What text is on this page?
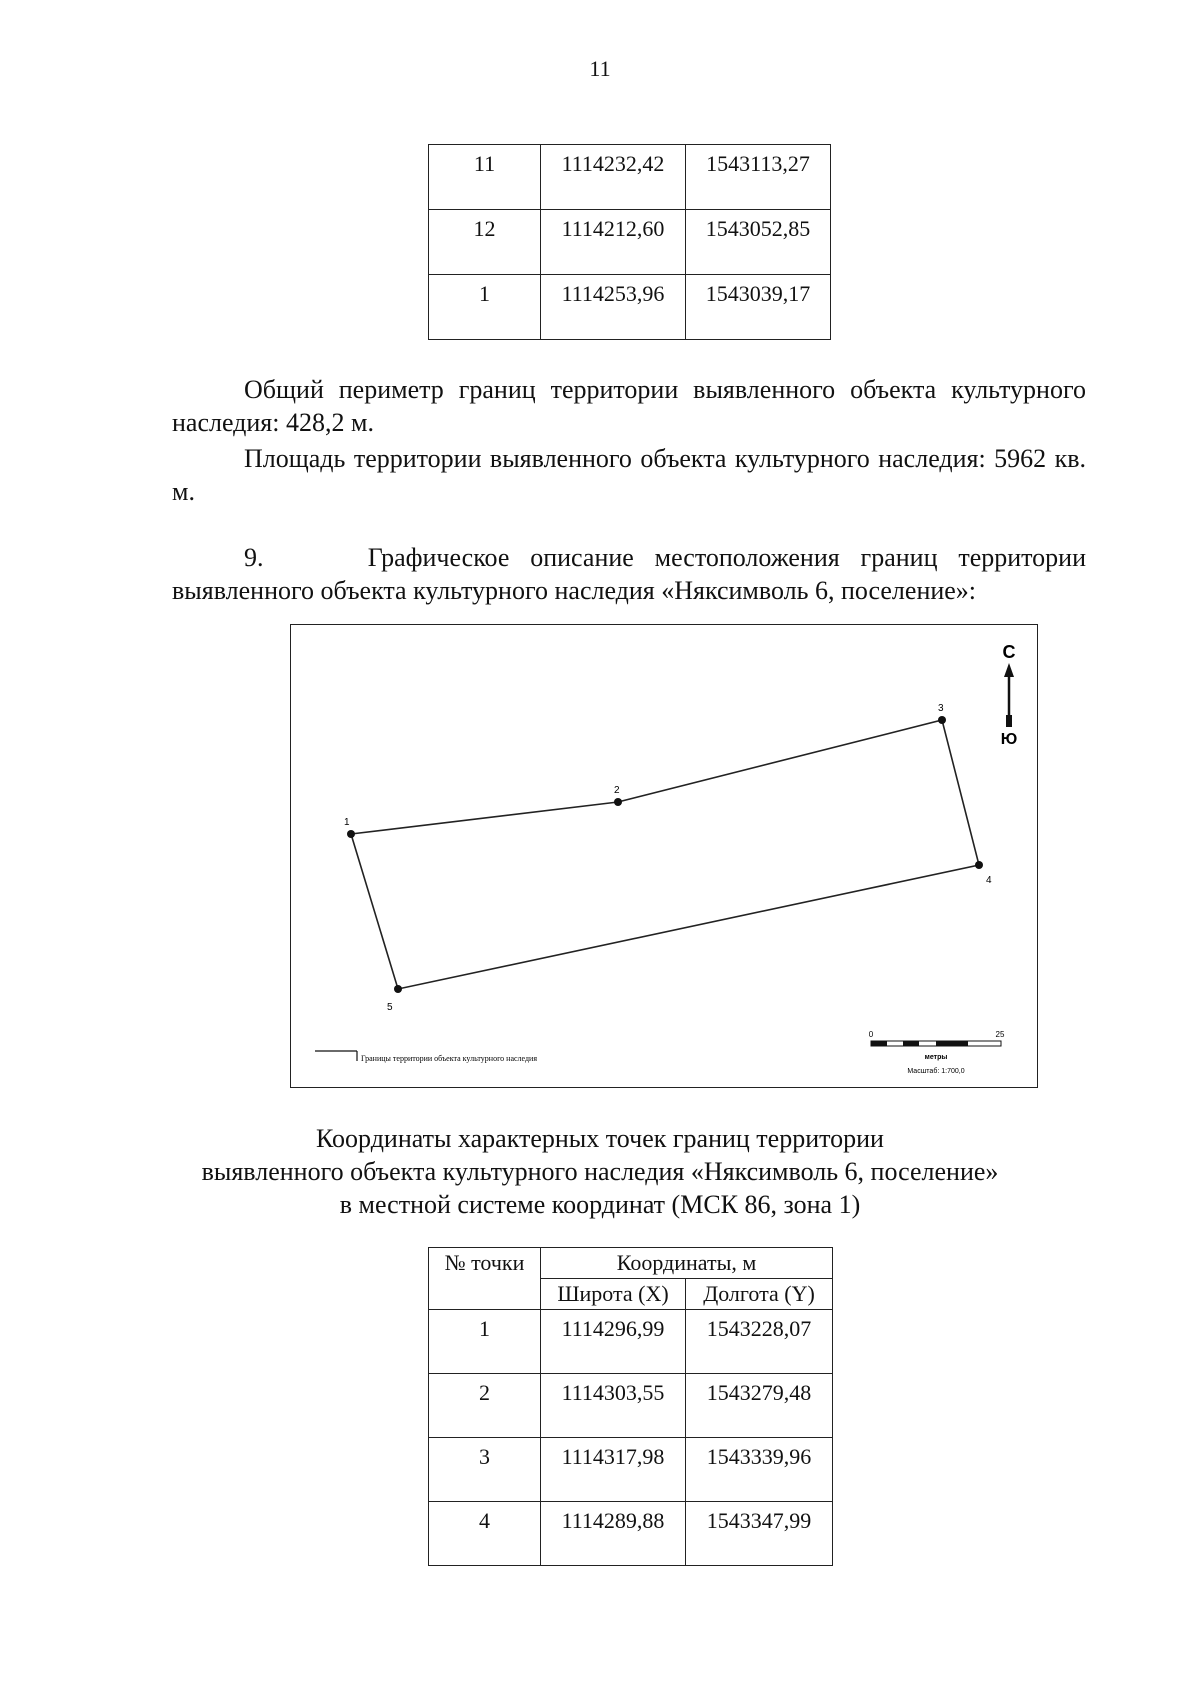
11
11	1114232,42	1543113,27
12	1114212,60	1543052,85
1	1114253,96	1543039,17
Общий периметр границ территории выявленного объекта культурного наследия: 428,2 м.
Площадь территории выявленного объекта культурного наследия: 5962 кв. м.
9.     Графическое описание местоположения границ территории выявленного объекта культурного наследия «Няксимволь 6, поселение»:
1
2
3
4
5
С
Ю
0	25
метры
Масштаб: 1:700,0
Границы территории объекта культурного наследия
Координаты характерных точек границ территории
выявленного объекта культурного наследия «Няксимволь 6, поселение»
в местной системе координат (МСК 86, зона 1)
№ точки	Координаты, м	
	Широта (X)	Долгота (Y)
1	1114296,99	1543228,07
2	1114303,55	1543279,48
3	1114317,98	1543339,96
4	1114289,88	1543347,99
